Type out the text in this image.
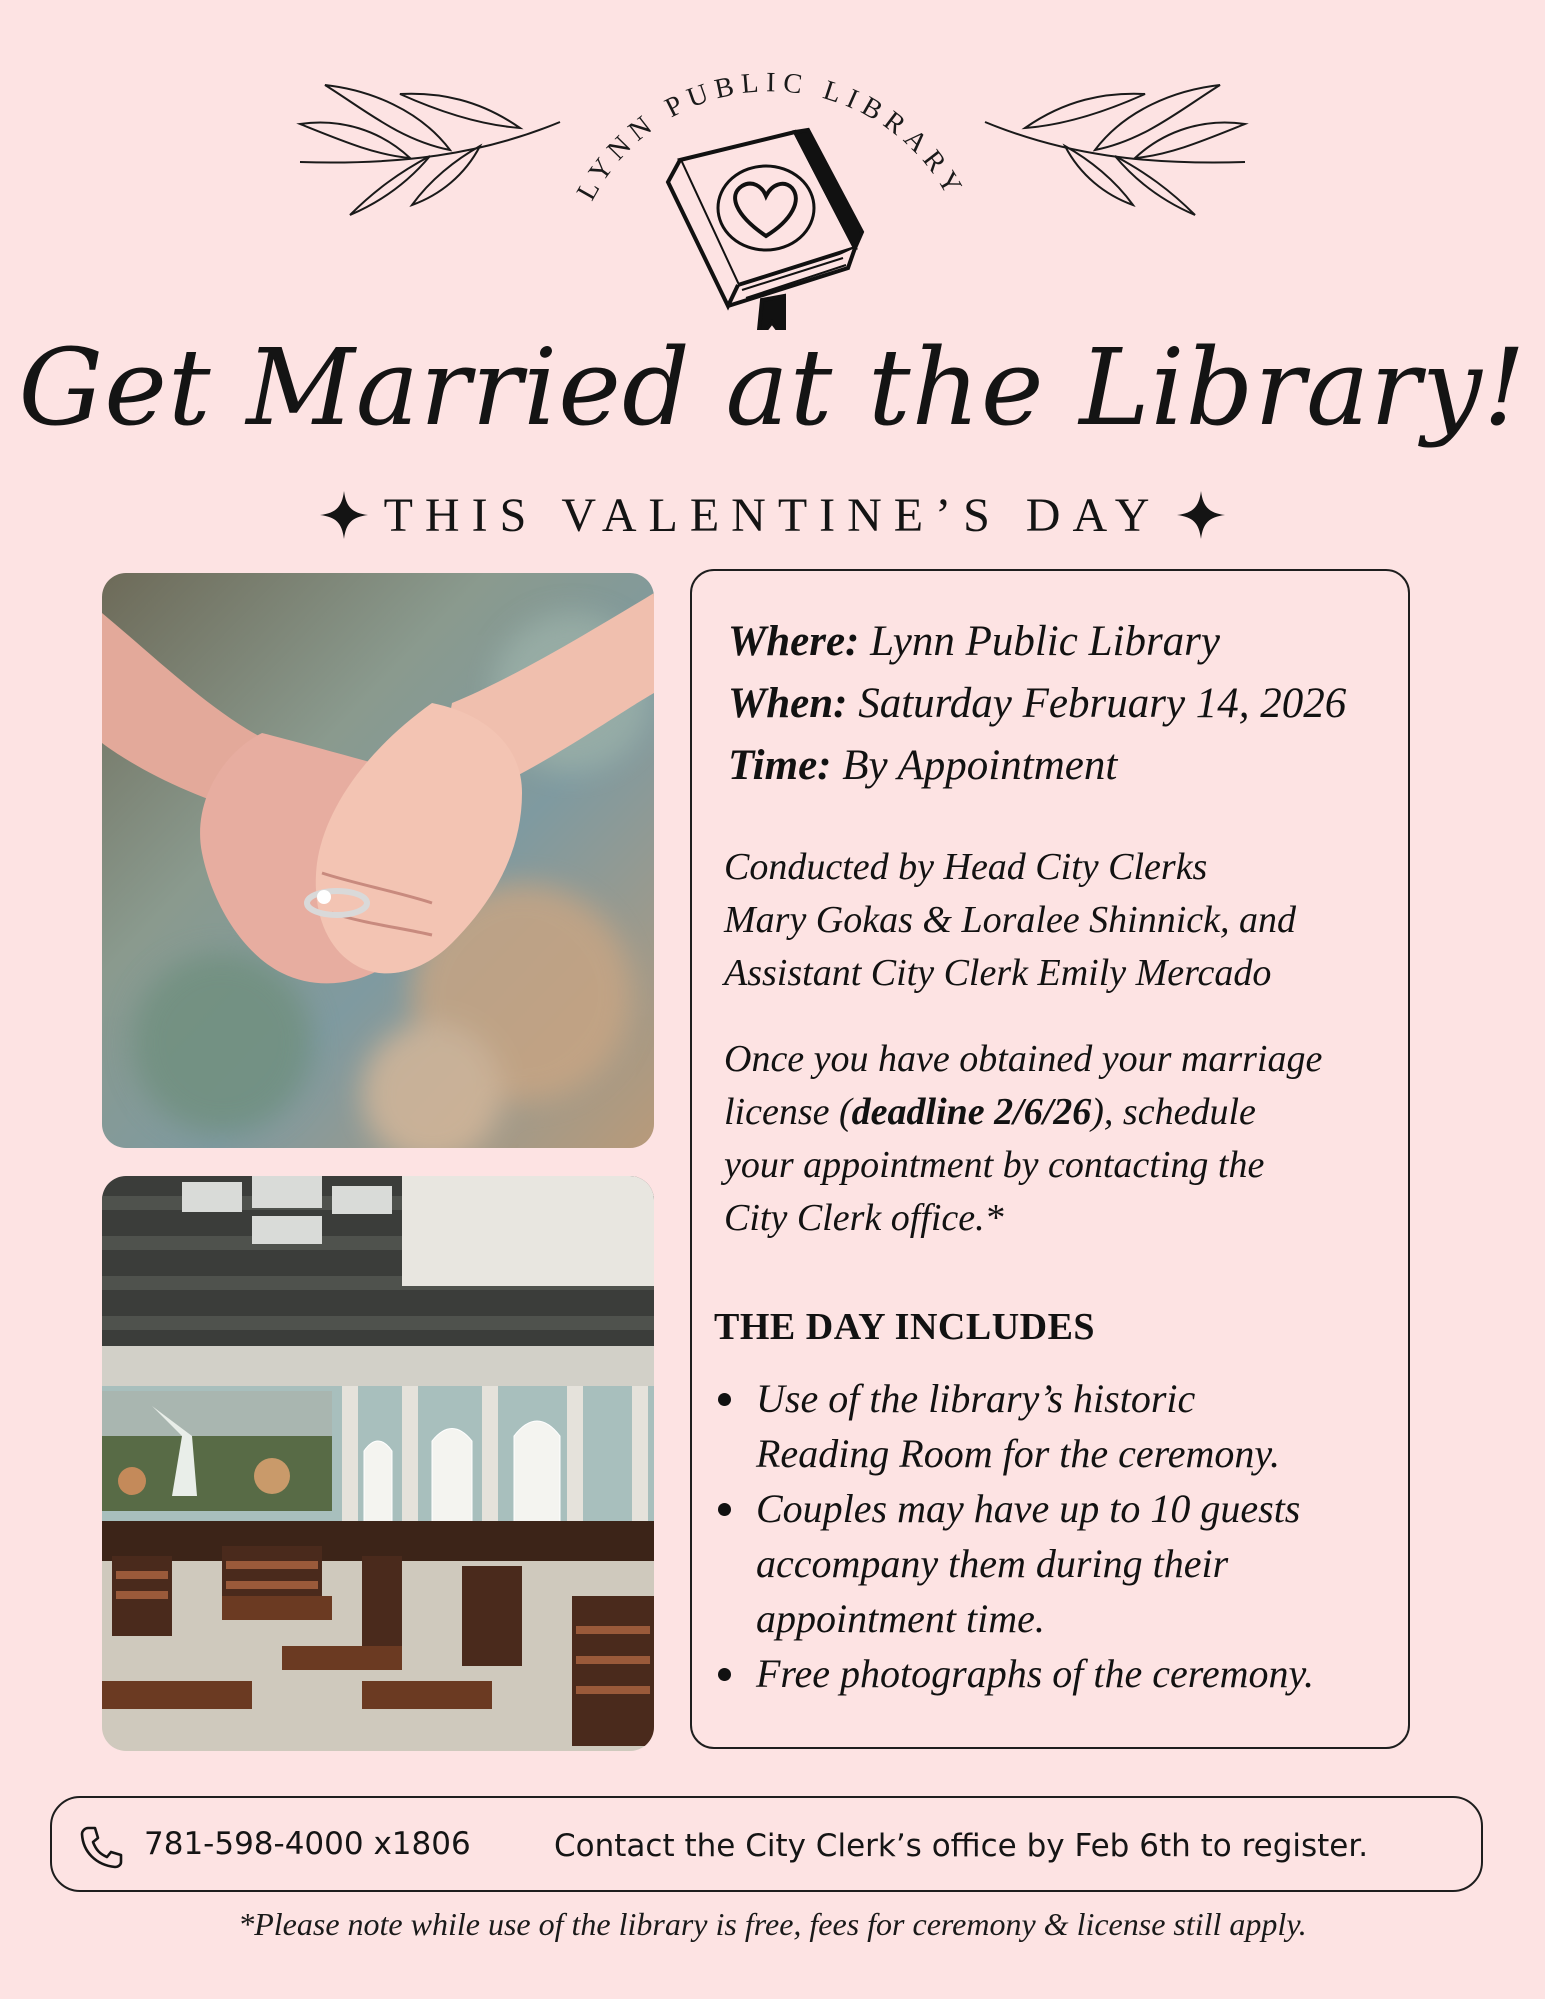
LYNN PUBLIC LIBRARY
Get Married at the Library!
THIS VALENTINE’S DAY
Where: Lynn Public Library
When: Saturday February 14, 2026
Time: By Appointment
Conducted by Head City Clerks
Mary Gokas & Loralee Shinnick, and
Assistant City Clerk Emily Mercado
Once you have obtained your marriage
license (deadline 2/6/26), schedule
your appointment by contacting the
City Clerk office.*
THE DAY INCLUDES
Use of the library’s historic
Reading Room for the ceremony.
Couples may have up to 10 guests
accompany them during their
appointment time.
Free photographs of the ceremony.
781-598-4000 x1806	Contact the City Clerk’s office by Feb 6th to register.
*Please note while use of the library is free, fees for ceremony & license still apply.
